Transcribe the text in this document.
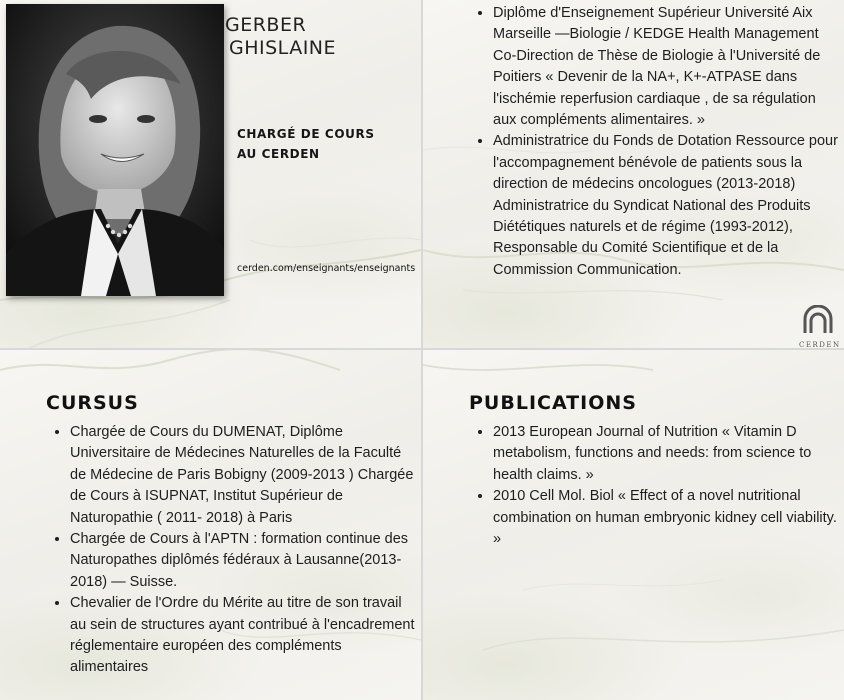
GERBER
GHISLAINE
CHARGÉ DE COURS
AU CERDEN
cerden.com/enseignants/enseignants
• Diplôme d'Enseignement Supérieur Université Aix Marseille —Biologie / KEDGE Health Management Co-Direction de Thèse de Biologie à l'Université de Poitiers « Devenir de la NA+, K+-ATPASE dans l'ischémie reperfusion cardiaque , de sa régulation aux compléments alimentaires. »
• Administratrice du Fonds de Dotation Ressource pour l'accompagnement bénévole de patients sous la direction de médecins oncologues (2013-2018) Administratrice du Syndicat National des Produits Diététiques naturels et de régime (1993-2012), Responsable du Comité Scientifique et de la Commission Communication.
CERDEN
CURSUS
• Chargée de Cours du DUMENAT, Diplôme Universitaire de Médecines Naturelles de la Faculté de Médecine de Paris Bobigny (2009-2013 ) Chargée de Cours à ISUPNAT, Institut Supérieur de Naturopathie ( 2011- 2018) à Paris
• Chargée de Cours à l'APTN : formation continue des Naturopathes diplômés fédéraux à Lausanne(2013-2018) — Suisse.
• Chevalier de l'Ordre du Mérite au titre de son travail au sein de structures ayant contribué à l'encadrement réglementaire européen des compléments alimentaires
PUBLICATIONS
• 2013 European Journal of Nutrition « Vitamin D metabolism, functions and needs: from science to health claims. »
• 2010 Cell Mol. Biol « Effect of a novel nutritional combination on human embryonic kidney cell viability. »
